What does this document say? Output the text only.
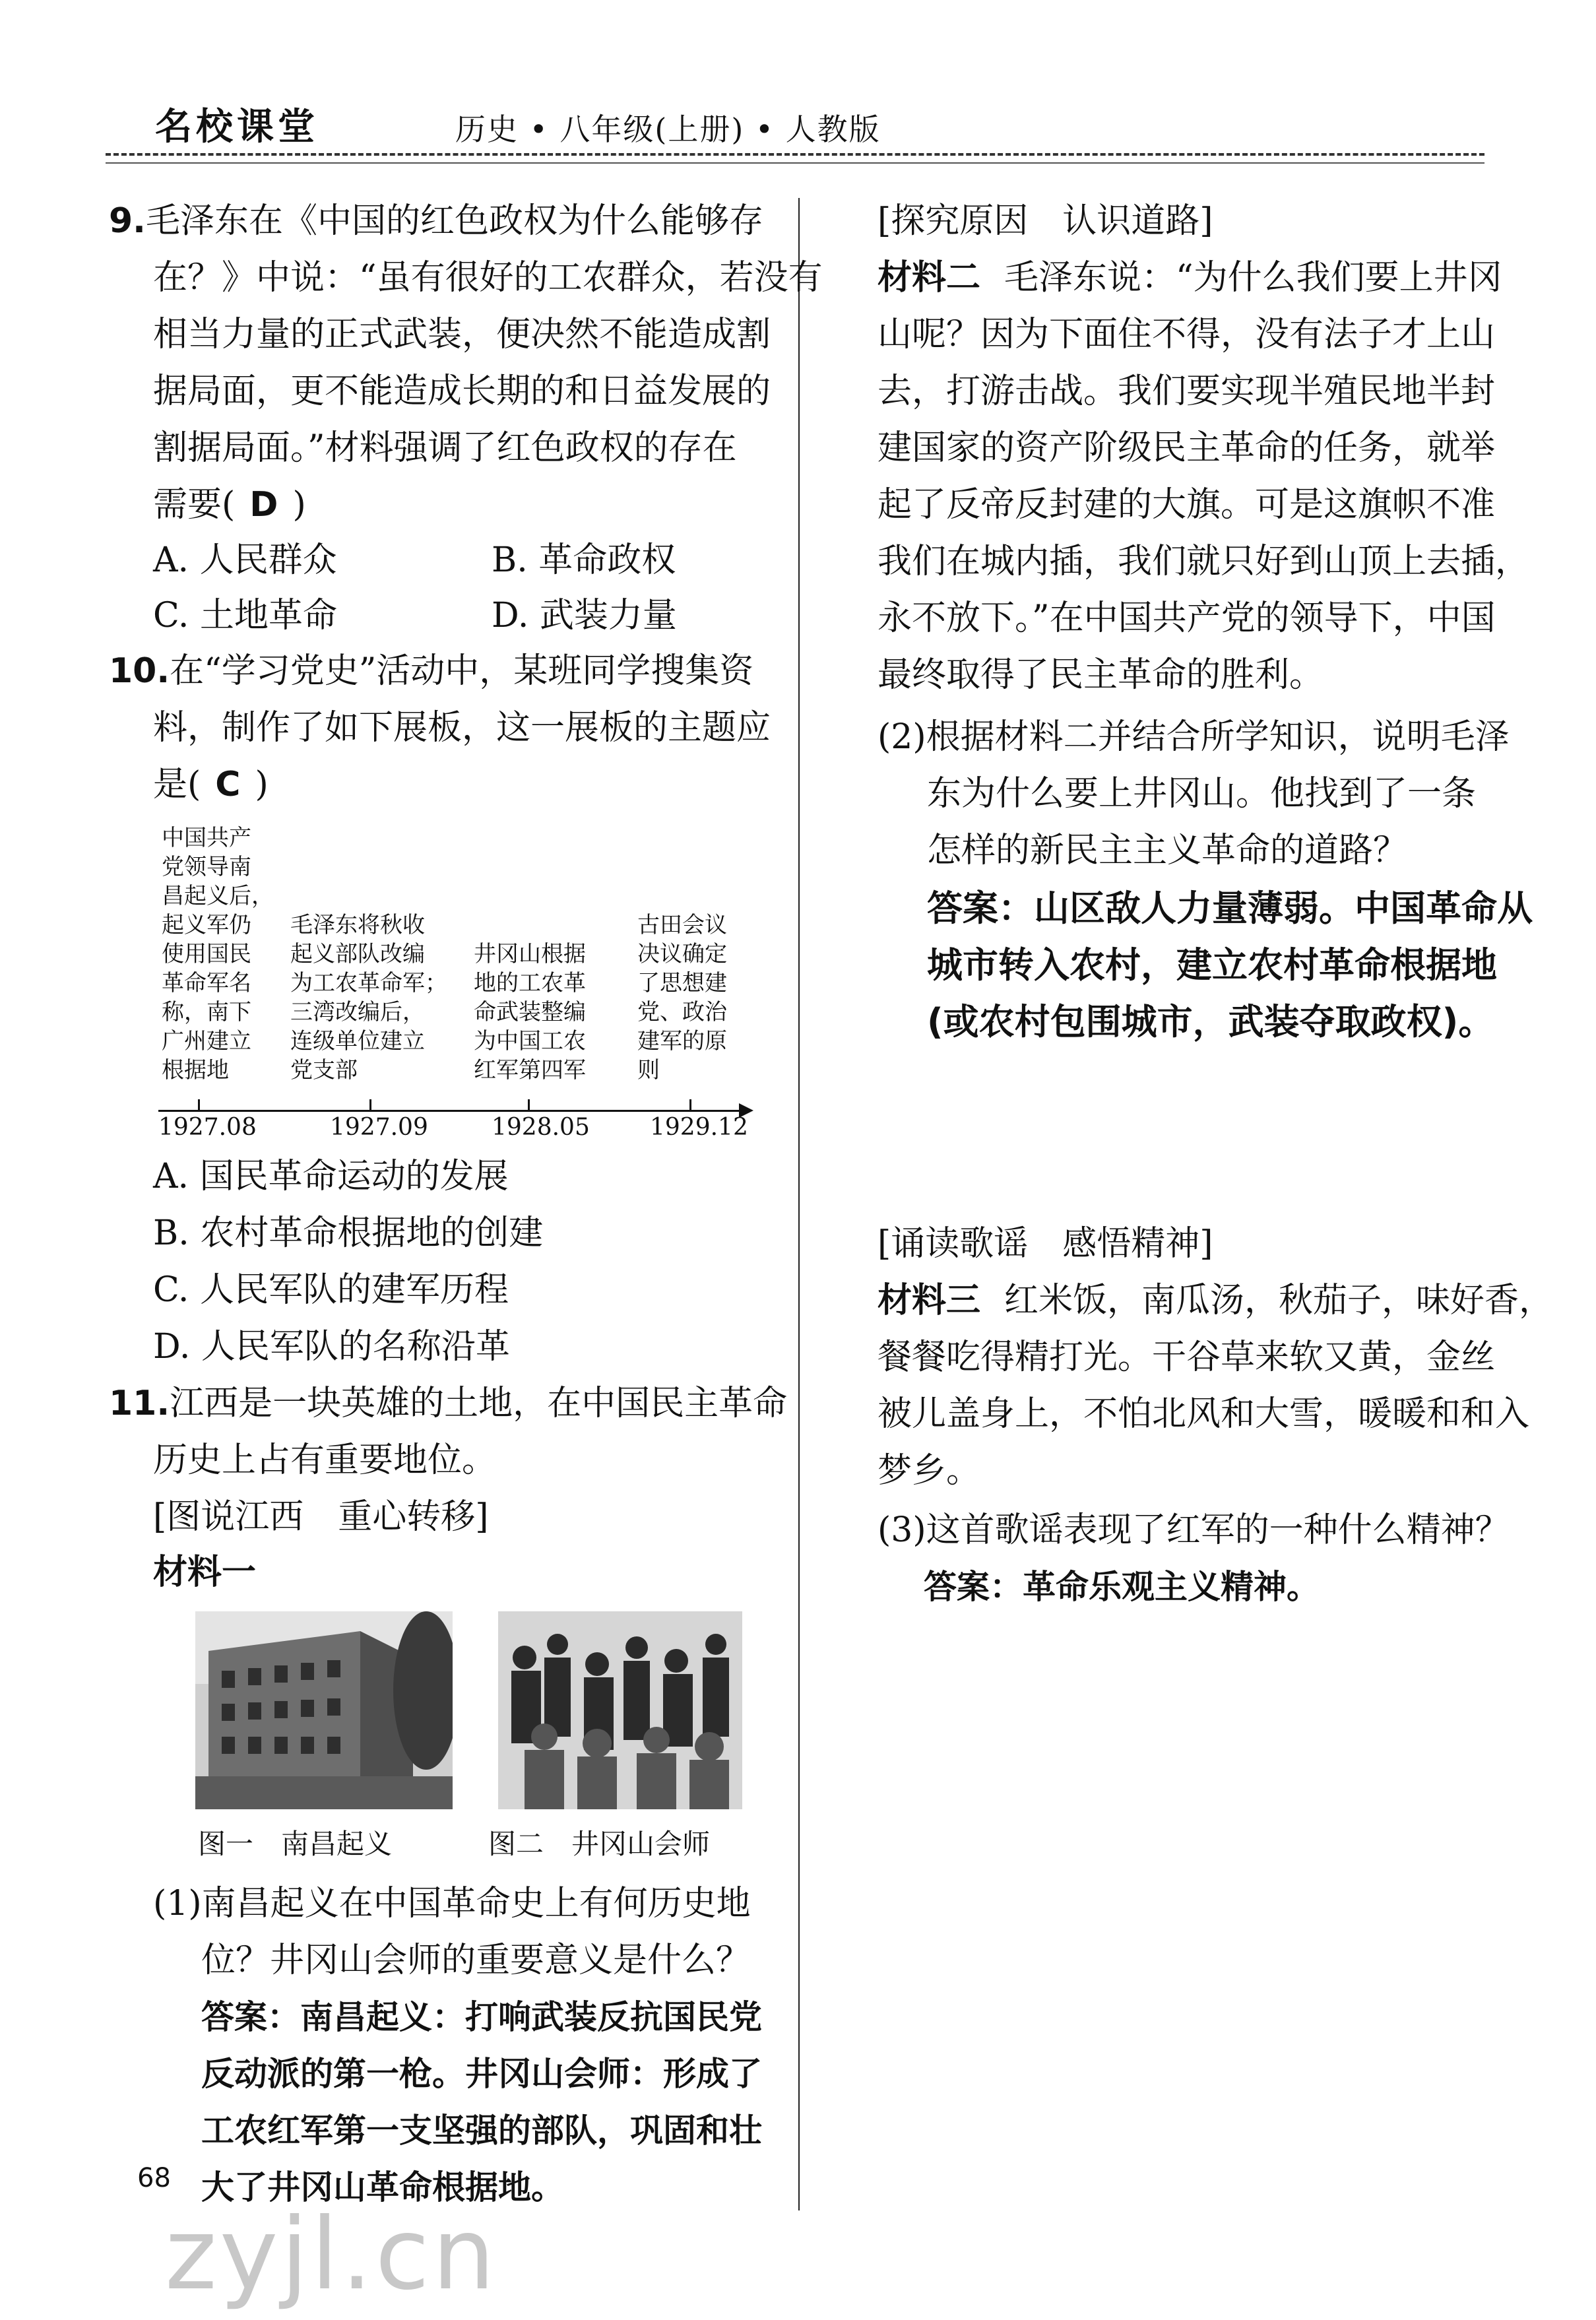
名校课堂	历史 • 八年级(上册) • 人教版
9.毛泽东在《中国的红色政权为什么能够存
在？》中说：“虽有很好的工农群众，若没有
相当力量的正式武装，便决然不能造成割
据局面，更不能造成长期的和日益发展的
割据局面。”材料强调了红色政权的存在
需要( D )
A. 人民群众	B. 革命政权
C. 土地革命	D. 武装力量
10.在“学习党史”活动中，某班同学搜集资
料，制作了如下展板，这一展板的主题应
是( C )
中国共产
党领导南
昌起义后，
起义军仍
使用国民
革命军名
称，南下
广州建立
根据地
毛泽东将秋收
起义部队改编
为工农革命军；
三湾改编后，
连级单位建立
党支部
井冈山根据
地的工农革
命武装整编
为中国工农
红军第四军
古田会议
决议确定
了思想建
党、政治
建军的原
则
1927.08	1927.09	1928.05	1929.12
A. 国民革命运动的发展
B. 农村革命根据地的创建
C. 人民军队的建军历程
D. 人民军队的名称沿革
11.江西是一块英雄的土地，在中国民主革命
历史上占有重要地位。
[图说江西　重心转移]
材料一
图一　南昌起义	图二　井冈山会师
(1)南昌起义在中国革命史上有何历史地
位？井冈山会师的重要意义是什么？
答案：南昌起义：打响武装反抗国民党
反动派的第一枪。井冈山会师：形成了
工农红军第一支坚强的部队，巩固和壮
大了井冈山革命根据地。
[探究原因　认识道路]
材料二 毛泽东说：“为什么我们要上井冈
山呢？因为下面住不得，没有法子才上山
去，打游击战。我们要实现半殖民地半封
建国家的资产阶级民主革命的任务，就举
起了反帝反封建的大旗。可是这旗帜不准
我们在城内插，我们就只好到山顶上去插，
永不放下。”在中国共产党的领导下，中国
最终取得了民主革命的胜利。
(2)根据材料二并结合所学知识，说明毛泽
东为什么要上井冈山。他找到了一条
怎样的新民主主义革命的道路？
答案：山区敌人力量薄弱。中国革命从
城市转入农村，建立农村革命根据地
(或农村包围城市，武装夺取政权)。
[诵读歌谣　感悟精神]
材料三 红米饭，南瓜汤，秋茄子，味好香，
餐餐吃得精打光。干谷草来软又黄，金丝
被儿盖身上，不怕北风和大雪，暖暖和和入
梦乡。
(3)这首歌谣表现了红军的一种什么精神？
答案：革命乐观主义精神。
68
zyjl.cn
